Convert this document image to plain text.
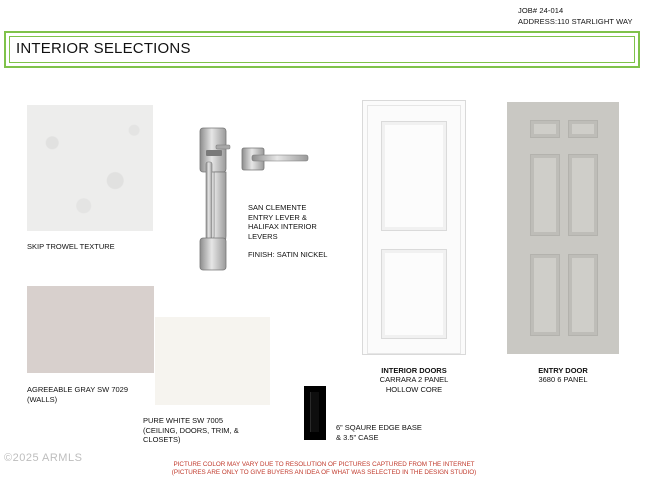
JOB# 24-014
ADDRESS:110 STARLIGHT WAY
INTERIOR SELECTIONS
SKIP TROWEL TEXTURE
SAN CLEMENTE
ENTRY LEVER &
HALIFAX INTERIOR
LEVERS
FINISH: SATIN NICKEL
INTERIOR DOORS
CARRARA 2 PANEL
HOLLOW CORE
ENTRY DOOR
3680 6 PANEL
AGREEABLE GRAY SW 7029
(WALLS)
PURE WHITE SW 7005
(CEILING, DOORS, TRIM, &
CLOSETS)
6” SQAURE EDGE BASE
& 3.5” CASE
©2025 ARMLS
PICTURE COLOR MAY VARY DUE TO RESOLUTION OF PICTURES CAPTURED FROM THE INTERNET
(PICTURES ARE ONLY TO GIVE BUYERS AN IDEA OF WHAT WAS SELECTED IN THE DESIGN STUDIO)
